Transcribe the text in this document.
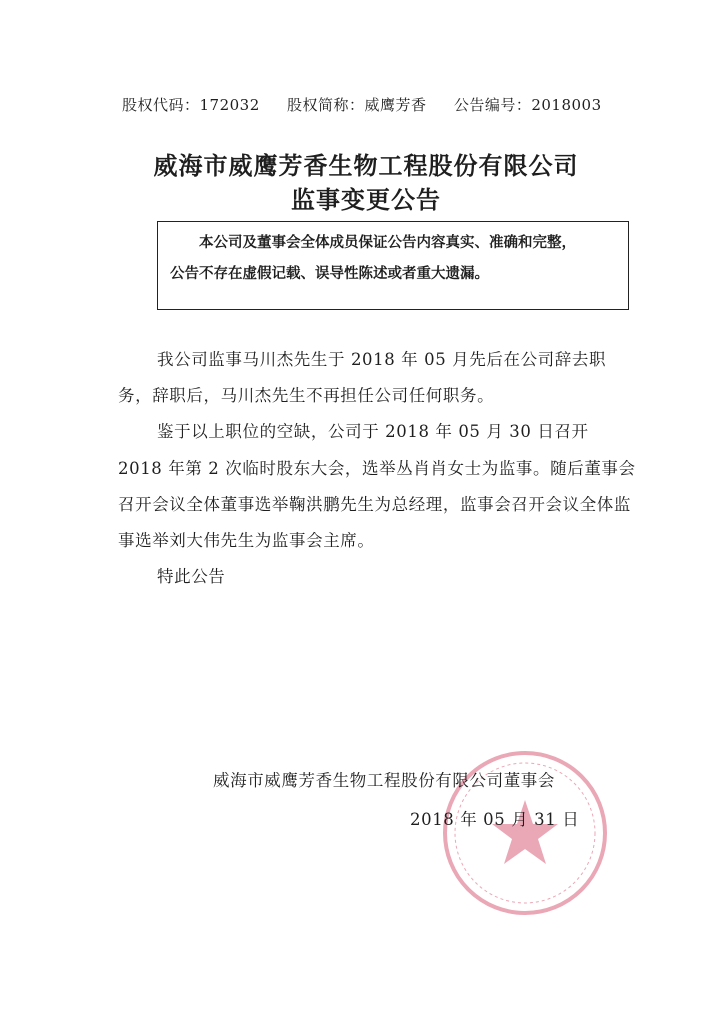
股权代码：172032 股权简称：威鹰芳香 公告编号：2018003
威海市威鹰芳香生物工程股份有限公司
监事变更公告

本公司及董事会全体成员保证公告内容真实、准确和完整，

公告不存在虚假记载、误导性陈述或者重大遗漏。

我公司监事马川杰先生于 2018 年 05 月先后在公司辞去职务，辞职后，马川杰先生不再担任公司任何职务。

鉴于以上职位的空缺，公司于 2018 年 05 月 30 日召开 2018 年第 2 次临时股东大会，选举丛肖肖女士为监事。随后董事会召开会议全体董事选举鞠洪鹏先生为总经理，监事会召开会议全体监事选举刘大伟先生为监事会主席。

特此公告

威海市威鹰芳香生物工程股份有限公司董事会
2018 年 05 月 31 日
